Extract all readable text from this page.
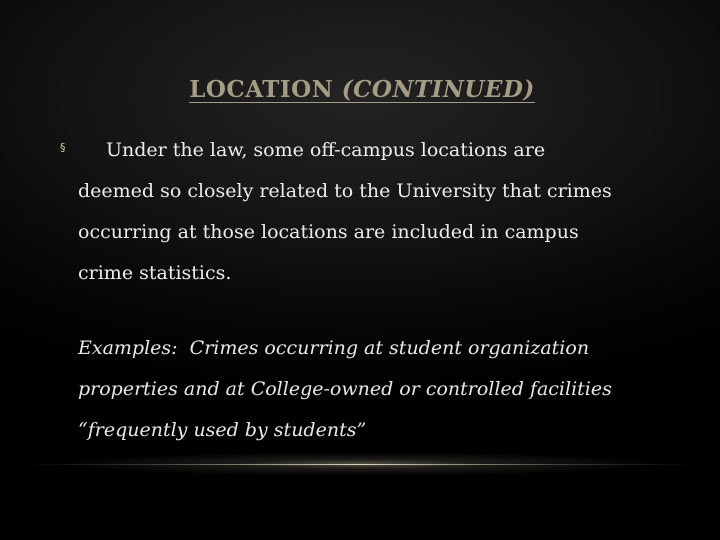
LOCATION (CONTINUED)
§	Under the law, some off-campus locations are
deemed so closely related to the University that crimes occurring at those locations are included in campus crime statistics.

Examples: Crimes occurring at student organization properties and at College-owned or controlled facilities “frequently used by students”
